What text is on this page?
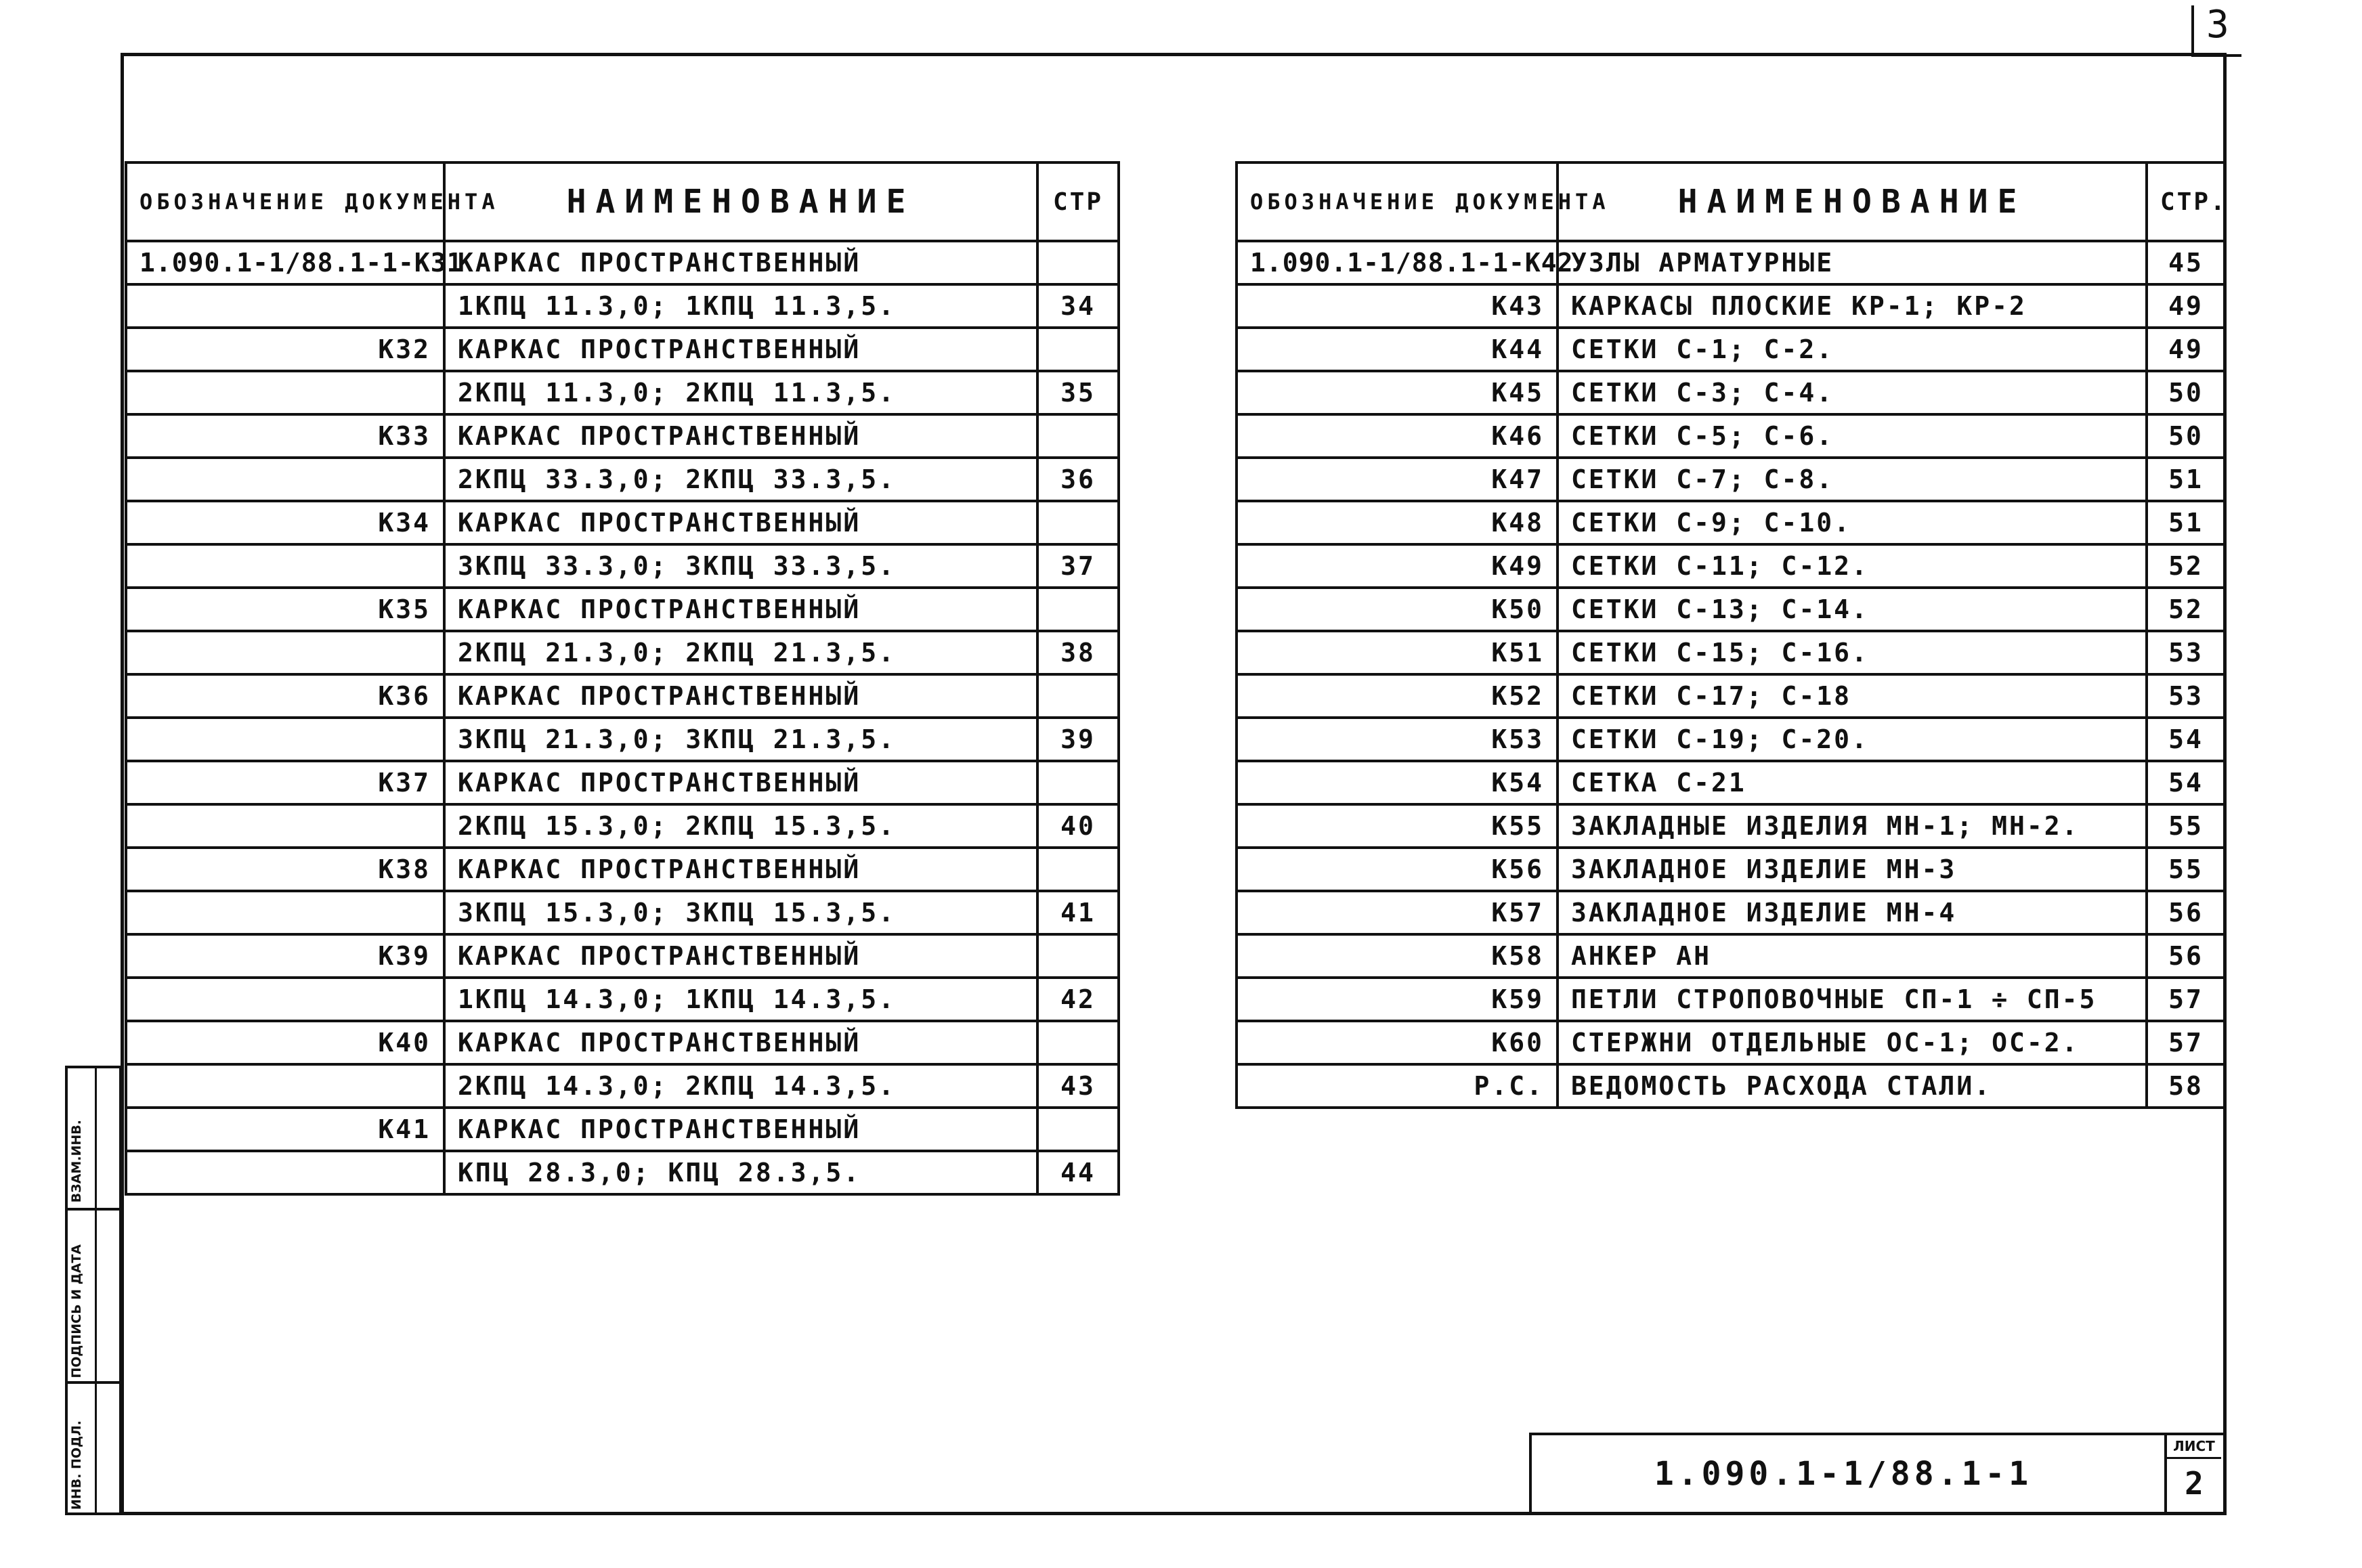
3
ОБОЗНАЧЕНИЕ ДОКУМЕНТА	НАИМЕНОВАНИЕ	СТР

1.090.1-1/88.1-1-К31	КАРКАС ПРОСТРАНСТВЕННЫЙ	
	1КПЦ 11.3,0; 1КПЦ 11.3,5.	34
К32	КАРКАС ПРОСТРАНСТВЕННЫЙ	
	2КПЦ 11.3,0; 2КПЦ 11.3,5.	35
К33	КАРКАС ПРОСТРАНСТВЕННЫЙ	
	2КПЦ 33.3,0; 2КПЦ 33.3,5.	36
К34	КАРКАС ПРОСТРАНСТВЕННЫЙ	
	3КПЦ 33.3,0; 3КПЦ 33.3,5.	37
К35	КАРКАС ПРОСТРАНСТВЕННЫЙ	
	2КПЦ 21.3,0; 2КПЦ 21.3,5.	38
К36	КАРКАС ПРОСТРАНСТВЕННЫЙ	
	3КПЦ 21.3,0; 3КПЦ 21.3,5.	39
К37	КАРКАС ПРОСТРАНСТВЕННЫЙ	
	2КПЦ 15.3,0; 2КПЦ 15.3,5.	40
К38	КАРКАС ПРОСТРАНСТВЕННЫЙ	
	3КПЦ 15.3,0; 3КПЦ 15.3,5.	41
К39	КАРКАС ПРОСТРАНСТВЕННЫЙ	
	1КПЦ 14.3,0; 1КПЦ 14.3,5.	42
К40	КАРКАС ПРОСТРАНСТВЕННЫЙ	
	2КПЦ 14.3,0; 2КПЦ 14.3,5.	43
К41	КАРКАС ПРОСТРАНСТВЕННЫЙ	
	КПЦ 28.3,0; КПЦ 28.3,5.	44
ОБОЗНАЧЕНИЕ ДОКУМЕНТА	НАИМЕНОВАНИЕ	СТР.

1.090.1-1/88.1-1-К42	УЗЛЫ АРМАТУРНЫЕ	45
К43	КАРКАСЫ ПЛОСКИЕ КР-1; КР-2	49
К44	СЕТКИ С-1; С-2.	49
К45	СЕТКИ С-3; С-4.	50
К46	СЕТКИ С-5; С-6.	50
К47	СЕТКИ С-7; С-8.	51
К48	СЕТКИ С-9; С-10.	51
К49	СЕТКИ С-11; С-12.	52
К50	СЕТКИ С-13; С-14.	52
К51	СЕТКИ С-15; С-16.	53
К52	СЕТКИ С-17; С-18	53
К53	СЕТКИ С-19; С-20.	54
К54	СЕТКА С-21	54
К55	ЗАКЛАДНЫЕ ИЗДЕЛИЯ МН-1; МН-2.	55
К56	ЗАКЛАДНОЕ ИЗДЕЛИЕ МН-3	55
К57	ЗАКЛАДНОЕ ИЗДЕЛИЕ МН-4	56
К58	АНКЕР АН	56
К59	ПЕТЛИ СТРОПОВОЧНЫЕ СП-1 ÷ СП-5	57
К60	СТЕРЖНИ ОТДЕЛЬНЫЕ ОС-1; ОС-2.	57
Р.С.	ВЕДОМОСТЬ РАСХОДА СТАЛИ.	58
1.090.1-1/88.1-1
ЛИСТ
2
ВЗАМ.ИНВ.
ПОДПИСЬ И ДАТА
ИНВ. ПОДЛ.
